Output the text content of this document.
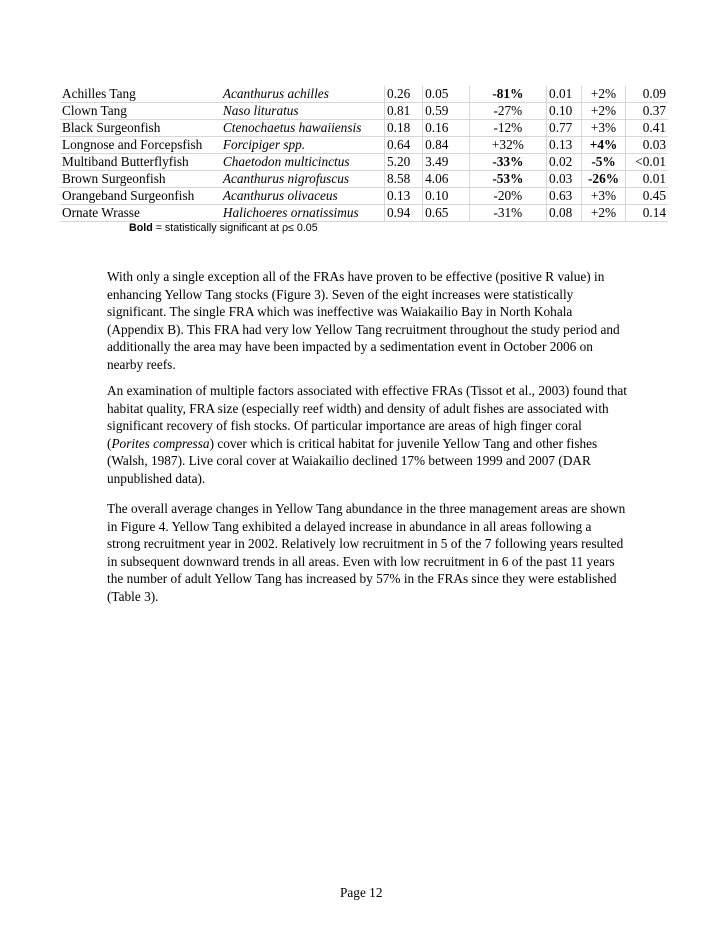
Achilles Tang	Acanthurus achilles	0.26	0.05	-81%	0.01	+2%	0.09
Clown Tang	Naso lituratus	0.81	0.59	-27%	0.10	+2%	0.37
Black Surgeonfish	Ctenochaetus hawaiiensis	0.18	0.16	-12%	0.77	+3%	0.41
Longnose and Forcepsfish	Forcipiger spp.	0.64	0.84	+32%	0.13	+4%	0.03
Multiband Butterflyfish	Chaetodon multicinctus	5.20	3.49	-33%	0.02	-5%	<0.01
Brown Surgeonfish	Acanthurus nigrofuscus	8.58	4.06	-53%	0.03	-26%	0.01
Orangeband Surgeonfish	Acanthurus olivaceus	0.13	0.10	-20%	0.63	+3%	0.45
Ornate Wrasse	Halichoeres ornatissimus	0.94	0.65	-31%	0.08	+2%	0.14
Bold = statistically significant at ρ≤ 0.05

With only a single exception all of the FRAs have proven to be effective (positive R value) in enhancing Yellow Tang stocks (Figure 3). Seven of the eight increases were statistically significant. The single FRA which was ineffective was Waiakailio Bay in North Kohala (Appendix B). This FRA had very low Yellow Tang recruitment throughout the study period and additionally the area may have been impacted by a sedimentation event in October 2006 on nearby reefs.

An examination of multiple factors associated with effective FRAs (Tissot et al., 2003) found that habitat quality, FRA size (especially reef width) and density of adult fishes are associated with significant recovery of fish stocks. Of particular importance are areas of high finger coral (Porites compressa) cover which is critical habitat for juvenile Yellow Tang and other fishes (Walsh, 1987). Live coral cover at Waiakailio declined 17% between 1999 and 2007 (DAR unpublished data).

The overall average changes in Yellow Tang abundance in the three management areas are shown in Figure 4. Yellow Tang exhibited a delayed increase in abundance in all areas following a strong recruitment year in 2002. Relatively low recruitment in 5 of the 7 following years resulted in subsequent downward trends in all areas. Even with low recruitment in 6 of the past 11 years the number of adult Yellow Tang has increased by 57% in the FRAs since they were established (Table 3).

Page 12
